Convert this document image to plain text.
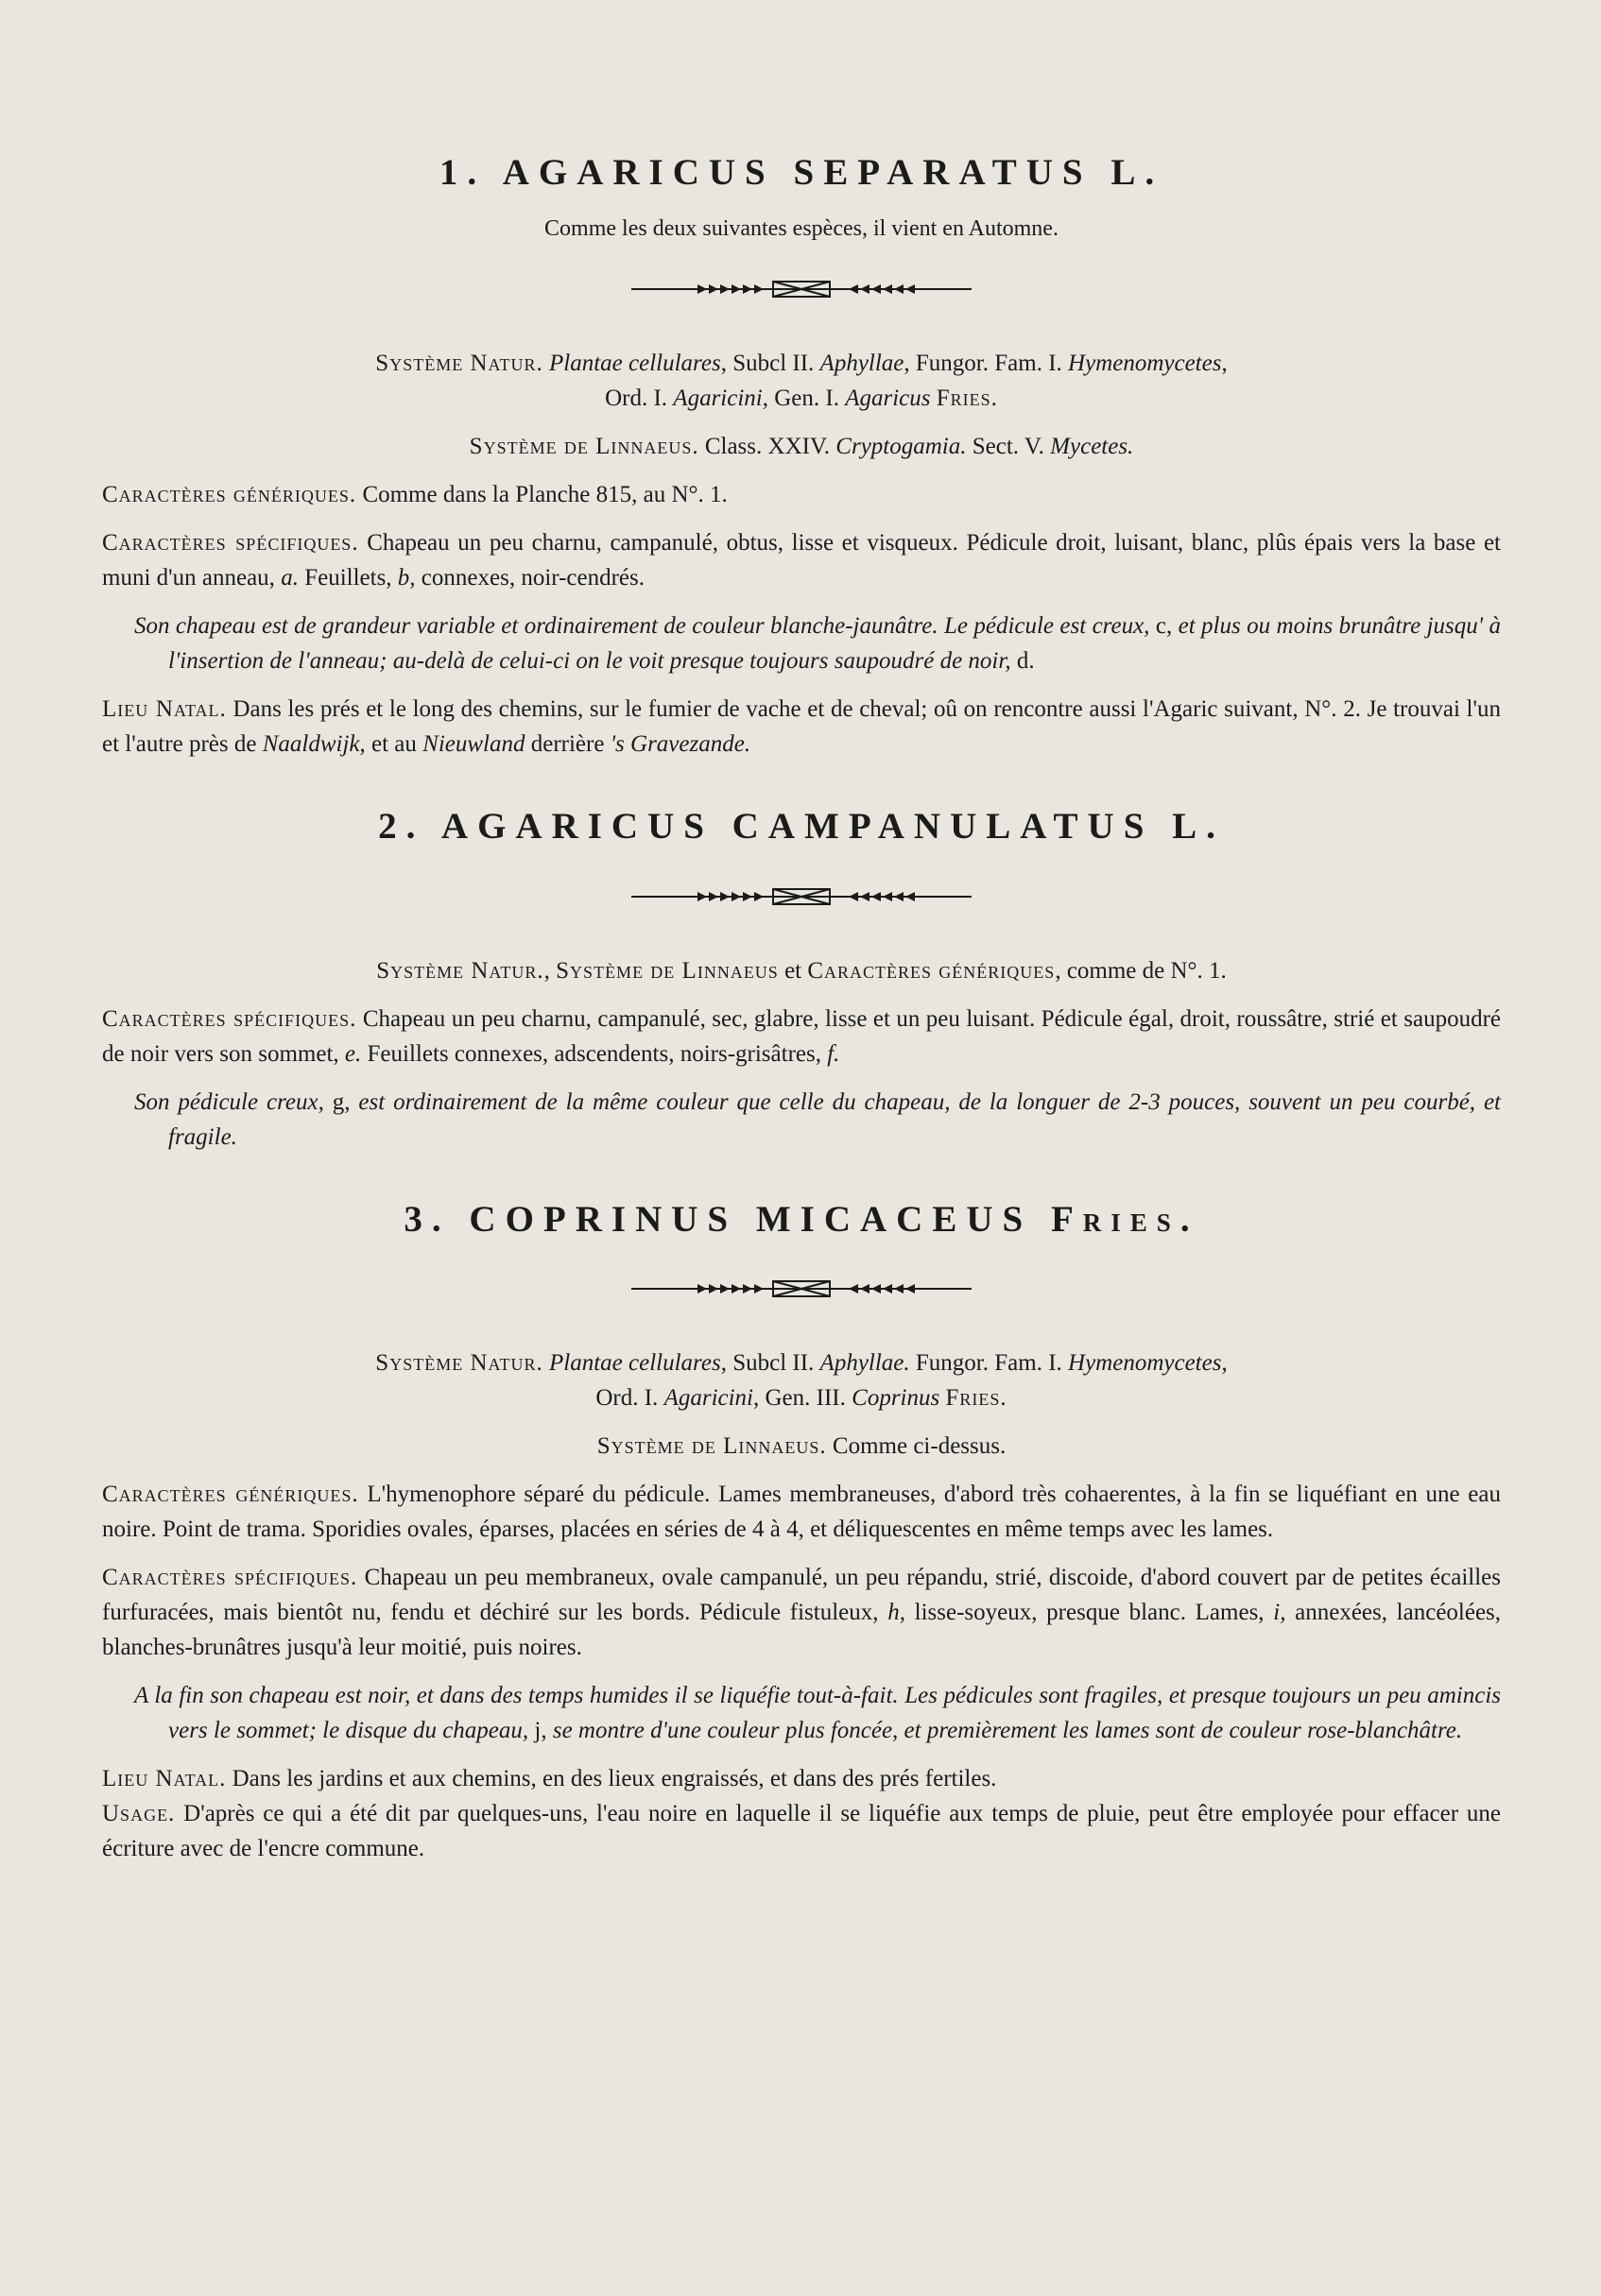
1. AGARICUS SEPARATUS L.

Comme les deux suivantes espèces, il vient en Automne.

Système Natur. Plantae cellulares, Subcl II. Aphyllae, Fungor. Fam. I. Hymenomycetes,
Ord. I. Agaricini, Gen. I. Agaricus Fries.

Système de Linnaeus. Class. XXIV. Cryptogamia. Sect. V. Mycetes.

Caractères génériques. Comme dans la Planche 815, au N°. 1.

Caractères spécifiques. Chapeau un peu charnu, campanulé, obtus, lisse et visqueux. Pédicule droit, luisant, blanc, plûs épais vers la base et muni d'un anneau, a. Feuillets, b, connexes, noir-cendrés.

Son chapeau est de grandeur variable et ordinairement de couleur blanche-jaunâtre. Le pédicule est creux, c, et plus ou moins brunâtre jusqu' à l'insertion de l'anneau; au-delà de celui-ci on le voit presque toujours saupoudré de noir, d.

Lieu Natal. Dans les prés et le long des chemins, sur le fumier de vache et de cheval; oû on rencontre aussi l'Agaric suivant, N°. 2. Je trouvai l'un et l'autre près de Naaldwijk, et au Nieuwland derrière 's Gravezande.

2. AGARICUS CAMPANULATUS L.

Système Natur., Système de Linnaeus et Caractères génériques, comme de N°. 1.

Caractères spécifiques. Chapeau un peu charnu, campanulé, sec, glabre, lisse et un peu luisant. Pédicule égal, droit, roussâtre, strié et saupoudré de noir vers son sommet, e. Feuillets connexes, adscendents, noirs-grisâtres, f.

Son pédicule creux, g, est ordinairement de la même couleur que celle du chapeau, de la longuer de 2-3 pouces, souvent un peu courbé, et fragile.

3. COPRINUS MICACEUS Fries.

Système Natur. Plantae cellulares, Subcl II. Aphyllae. Fungor. Fam. I. Hymenomycetes,
Ord. I. Agaricini, Gen. III. Coprinus Fries.

Système de Linnaeus. Comme ci-dessus.

Caractères génériques. L'hymenophore séparé du pédicule. Lames membraneuses, d'abord très cohaerentes, à la fin se liquéfiant en une eau noire. Point de trama. Sporidies ovales, éparses, placées en séries de 4 à 4, et déliquescentes en même temps avec les lames.

Caractères spécifiques. Chapeau un peu membraneux, ovale campanulé, un peu répandu, strié, discoide, d'abord couvert par de petites écailles furfuracées, mais bientôt nu, fendu et déchiré sur les bords. Pédicule fistuleux, h, lisse-soyeux, presque blanc. Lames, i, annexées, lancéolées, blanches-brunâtres jusqu'à leur moitié, puis noires.

A la fin son chapeau est noir, et dans des temps humides il se liquéfie tout-à-fait. Les pédicules sont fragiles, et presque toujours un peu amincis vers le sommet; le disque du chapeau, j, se montre d'une couleur plus foncée, et premièrement les lames sont de couleur rose-blanchâtre.

Lieu Natal. Dans les jardins et aux chemins, en des lieux engraissés, et dans des prés fertiles.

Usage. D'après ce qui a été dit par quelques-uns, l'eau noire en laquelle il se liquéfie aux temps de pluie, peut être employée pour effacer une écriture avec de l'encre commune.
